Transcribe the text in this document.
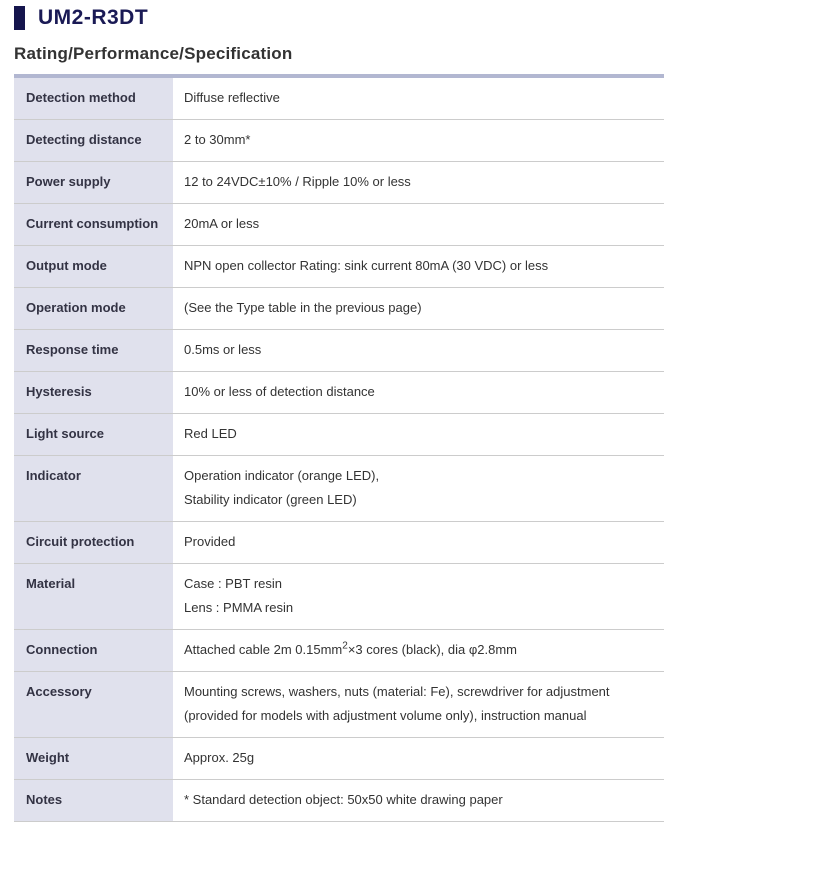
UM2-R3DT
Rating/Performance/Specification
Detection method	Diffuse reflective

Detecting distance	2 to 30mm*

Power supply	12 to 24VDC±10% / Ripple 10% or less

Current consumption	20mA or less

Output mode	NPN open collector Rating: sink current 80mA (30 VDC) or less

Operation mode	(See the Type table in the previous page)

Response time	0.5ms or less

Hysteresis	10% or less of detection distance

Light source	Red LED

Indicator	Operation indicator (orange LED),
Stability indicator (green LED)

Circuit protection	Provided

Material	Case : PBT resin
Lens : PMMA resin

Connection	Attached cable 2m $0.15mm^2\times 3$ cores (black), dia φ2.8mm

Accessory	Mounting screws, washers, nuts (material: Fe), screwdriver for adjustment
(provided for models with adjustment volume only), instruction manual

Weight	Approx. 25g

Notes	* Standard detection object: 50x50 white drawing paper
